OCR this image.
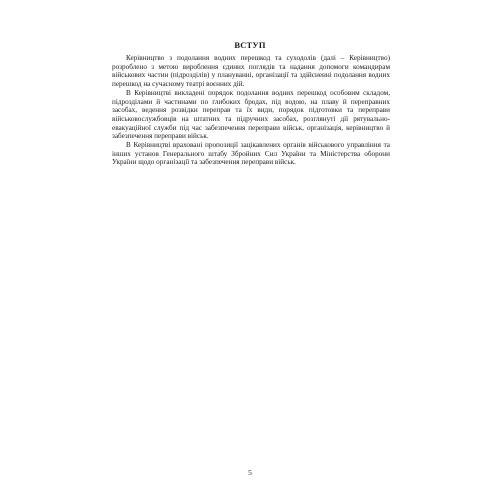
ВСТУП

Керівництво з подолання водних перешкод та суходолів (далі – Керівництво) розроблено з метою вироблення єдиних поглядів та надання допомоги командирам військових частин (підрозділів) у плануванні, організації та здійсненні подолання водних перешкод на сучасному театрі воєнних дій.

В Керівництві викладені порядок подолання водних перешкод особовим складом, підрозділами й частинами по глибоких бродах, під водою, на плаву й переправних засобах, ведення розвідки переправ та їх види, порядок підготовки та переправи військовослужбовців на штатних та підручних засобах, розглянуті дії рятувально-евакуаційної служби під час забезпечення переправи військ, організація, керівництво й забезпечення переправи військ.

В Керівництві враховані пропозиції зацікавлених органів військового управління та інших установ Генерального штабу Збройних Сил України та Міністерства оборони України щодо організації та забезпечення переправи військ.

5
